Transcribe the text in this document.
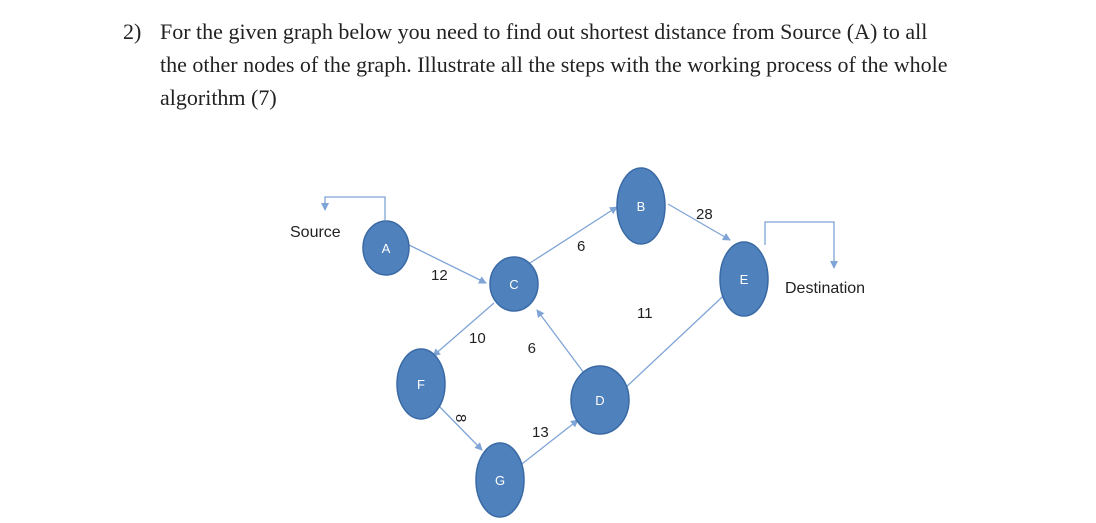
2) For the given graph below you need to find out shortest distance from Source (A) to all
the other nodes of the graph. Illustrate all the steps with the working process of the whole
algorithm (7)
12
6
28
11
10
9
8
13
A
B
C
D
E
F
G
Source
Destination
